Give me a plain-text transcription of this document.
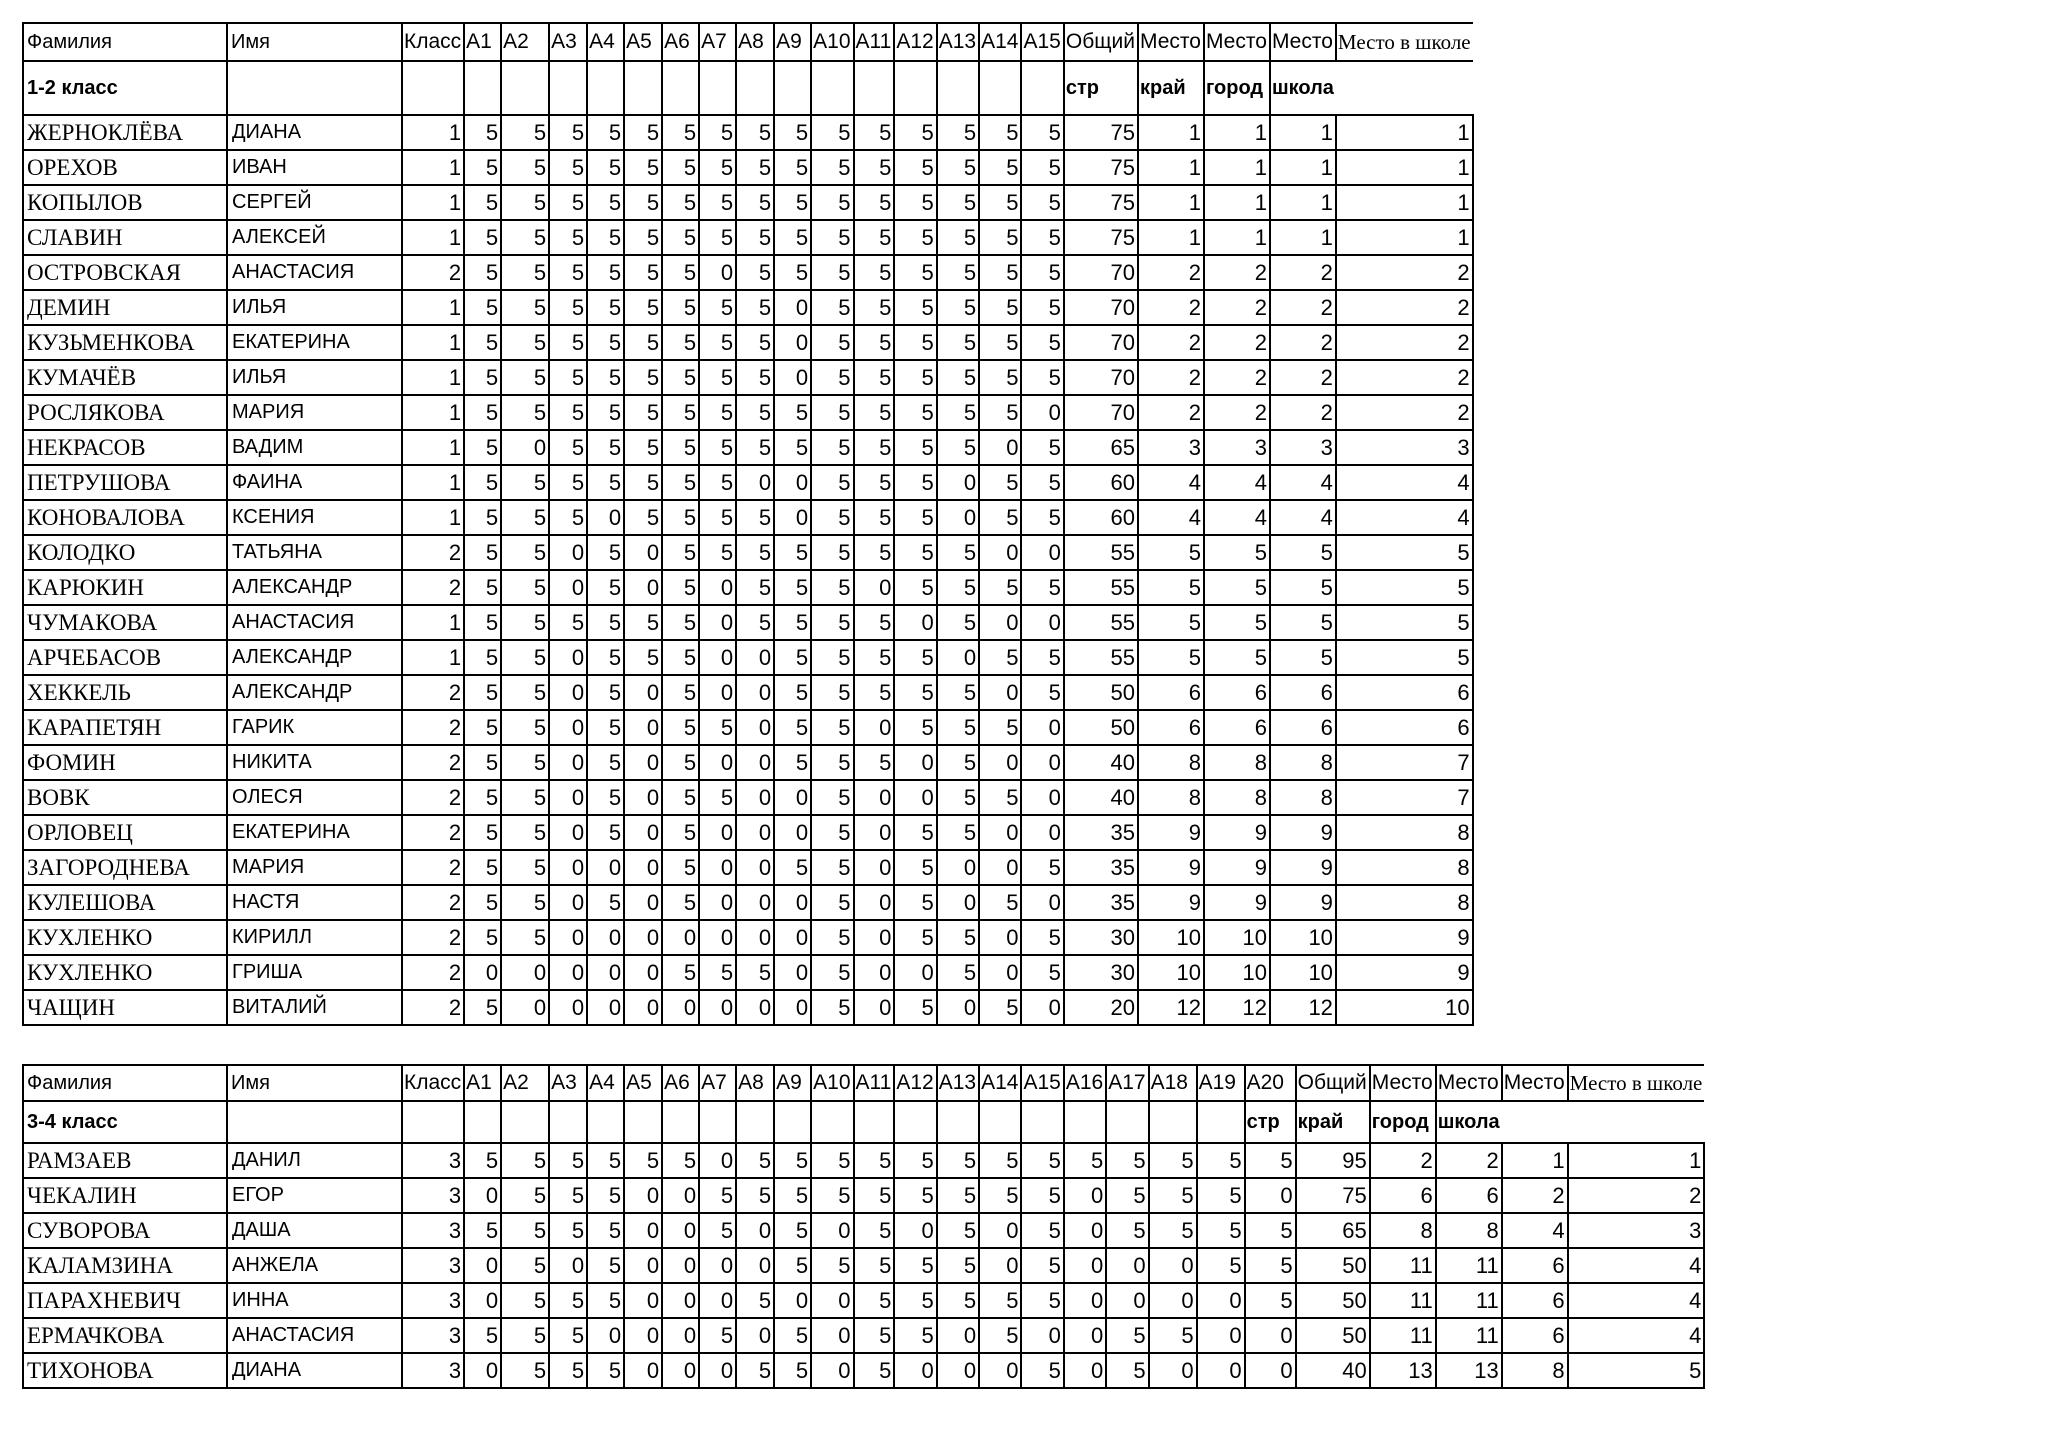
Фамилия	Имя	Класс	А1	А2	А3	А4	А5	А6	А7	А8	А9	А10	А11	А12	А13	А14	А15	Общий	Место	Место	Место	Место в школе
1-2 класс																		стр	край	город	школа	
ЖЕРНОКЛЁВА	ДИАНА	1	5	5	5	5	5	5	5	5	5	5	5	5	5	5	5	75	1	1	1	1
ОРЕХОВ	ИВАН	1	5	5	5	5	5	5	5	5	5	5	5	5	5	5	5	75	1	1	1	1
КОПЫЛОВ	СЕРГЕЙ	1	5	5	5	5	5	5	5	5	5	5	5	5	5	5	5	75	1	1	1	1
СЛАВИН	АЛЕКСЕЙ	1	5	5	5	5	5	5	5	5	5	5	5	5	5	5	5	75	1	1	1	1
ОСТРОВСКАЯ	АНАСТАСИЯ	2	5	5	5	5	5	5	0	5	5	5	5	5	5	5	5	70	2	2	2	2
ДЕМИН	ИЛЬЯ	1	5	5	5	5	5	5	5	5	0	5	5	5	5	5	5	70	2	2	2	2
КУЗЬМЕНКОВА	ЕКАТЕРИНА	1	5	5	5	5	5	5	5	5	0	5	5	5	5	5	5	70	2	2	2	2
КУМАЧЁВ	ИЛЬЯ	1	5	5	5	5	5	5	5	5	0	5	5	5	5	5	5	70	2	2	2	2
РОСЛЯКОВА	МАРИЯ	1	5	5	5	5	5	5	5	5	5	5	5	5	5	5	0	70	2	2	2	2
НЕКРАСОВ	ВАДИМ	1	5	0	5	5	5	5	5	5	5	5	5	5	5	0	5	65	3	3	3	3
ПЕТРУШОВА	ФАИНА	1	5	5	5	5	5	5	5	0	0	5	5	5	0	5	5	60	4	4	4	4
КОНОВАЛОВА	КСЕНИЯ	1	5	5	5	0	5	5	5	5	0	5	5	5	0	5	5	60	4	4	4	4
КОЛОДКО	ТАТЬЯНА	2	5	5	0	5	0	5	5	5	5	5	5	5	5	0	0	55	5	5	5	5
КАРЮКИН	АЛЕКСАНДР	2	5	5	0	5	0	5	0	5	5	5	0	5	5	5	5	55	5	5	5	5
ЧУМАКОВА	АНАСТАСИЯ	1	5	5	5	5	5	5	0	5	5	5	5	0	5	0	0	55	5	5	5	5
АРЧЕБАСОВ	АЛЕКСАНДР	1	5	5	0	5	5	5	0	0	5	5	5	5	0	5	5	55	5	5	5	5
ХЕККЕЛЬ	АЛЕКСАНДР	2	5	5	0	5	0	5	0	0	5	5	5	5	5	0	5	50	6	6	6	6
КАРАПЕТЯН	ГАРИК	2	5	5	0	5	0	5	5	0	5	5	0	5	5	5	0	50	6	6	6	6
ФОМИН	НИКИТА	2	5	5	0	5	0	5	0	0	5	5	5	0	5	0	0	40	8	8	8	7
ВОВК	ОЛЕСЯ	2	5	5	0	5	0	5	5	0	0	5	0	0	5	5	0	40	8	8	8	7
ОРЛОВЕЦ	ЕКАТЕРИНА	2	5	5	0	5	0	5	0	0	0	5	0	5	5	0	0	35	9	9	9	8
ЗАГОРОДНЕВА	МАРИЯ	2	5	5	0	0	0	5	0	0	5	5	0	5	0	0	5	35	9	9	9	8
КУЛЕШОВА	НАСТЯ	2	5	5	0	5	0	5	0	0	0	5	0	5	0	5	0	35	9	9	9	8
КУХЛЕНКО	КИРИЛЛ	2	5	5	0	0	0	0	0	0	0	5	0	5	5	0	5	30	10	10	10	9
КУХЛЕНКО	ГРИША	2	0	0	0	0	0	5	5	5	0	5	0	0	5	0	5	30	10	10	10	9
ЧАЩИН	ВИТАЛИЙ	2	5	0	0	0	0	0	0	0	0	5	0	5	0	5	0	20	12	12	12	10
Фамилия	Имя	Класс	А1	А2	А3	А4	А5	А6	А7	А8	А9	А10	А11	А12	А13	А14	А15	А16	А17	А18	А19	А20	Общий	Место	Место	Место	Место в школе
3-4 класс																						стр	край	город	школа		
РАМЗАЕВ	ДАНИЛ	3	5	5	5	5	5	5	0	5	5	5	5	5	5	5	5	5	5	5	5	5	95	2	2	1	1
ЧЕКАЛИН	ЕГОР	3	0	5	5	5	0	0	5	5	5	5	5	5	5	5	5	0	5	5	5	0	75	6	6	2	2
СУВОРОВА	ДАША	3	5	5	5	5	0	0	5	0	5	0	5	0	5	0	5	0	5	5	5	5	65	8	8	4	3
КАЛАМЗИНА	АНЖЕЛА	3	0	5	0	5	0	0	0	0	5	5	5	5	5	0	5	0	0	0	5	5	50	11	11	6	4
ПАРАХНЕВИЧ	ИННА	3	0	5	5	5	0	0	0	5	0	0	5	5	5	5	5	0	0	0	0	5	50	11	11	6	4
ЕРМАЧКОВА	АНАСТАСИЯ	3	5	5	5	0	0	0	5	0	5	0	5	5	0	5	0	0	5	5	0	0	50	11	11	6	4
ТИХОНОВА	ДИАНА	3	0	5	5	5	0	0	0	5	5	0	5	0	0	0	5	0	5	0	0	0	40	13	13	8	5
